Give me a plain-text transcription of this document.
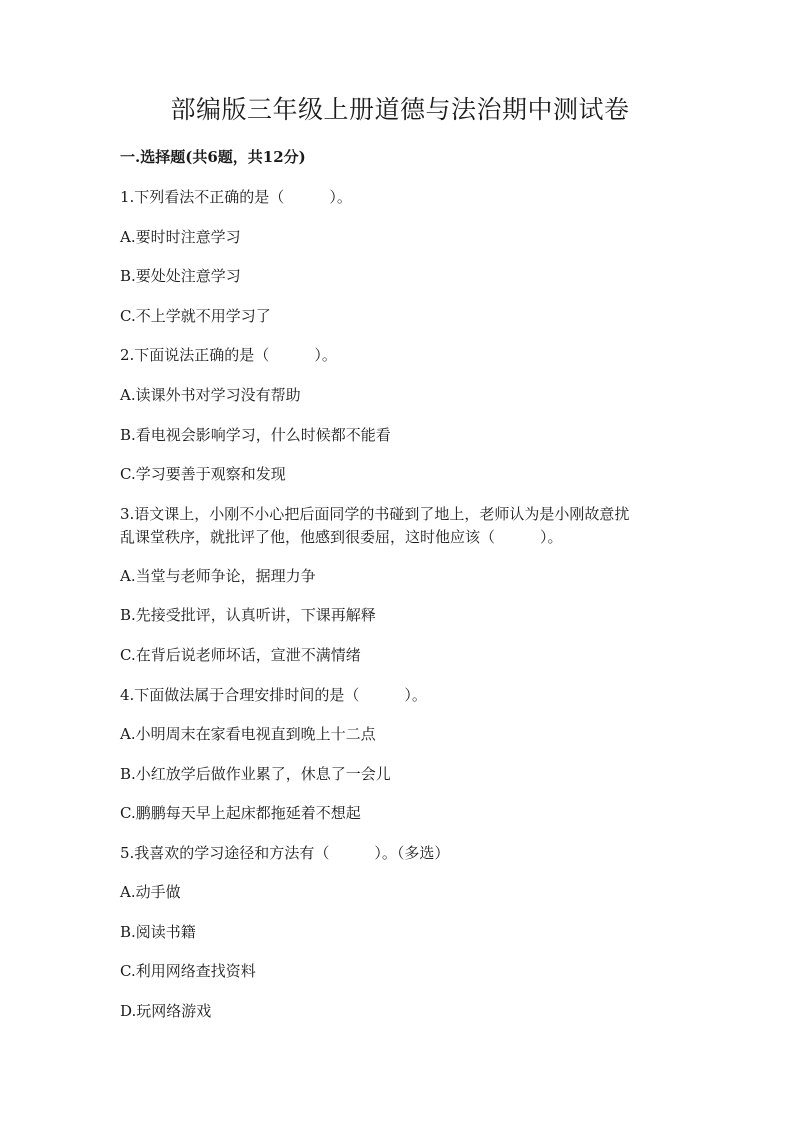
部编版三年级上册道德与法治期中测试卷
一.选择题(共6题，共12分)
1.下列看法不正确的是（　　　）。
A.要时时注意学习
B.要处处注意学习
C.不上学就不用学习了
2.下面说法正确的是（　　　）。
A.读课外书对学习没有帮助
B.看电视会影响学习，什么时候都不能看
C.学习要善于观察和发现
3.语文课上，小刚不小心把后面同学的书碰到了地上，老师认为是小刚故意扰
乱课堂秩序，就批评了他，他感到很委屈，这时他应该（　　　）。
A.当堂与老师争论，据理力争
B.先接受批评，认真听讲，下课再解释
C.在背后说老师坏话，宣泄不满情绪
4.下面做法属于合理安排时间的是（　　　）。
A.小明周末在家看电视直到晚上十二点
B.小红放学后做作业累了，休息了一会儿
C.鹏鹏每天早上起床都拖延着不想起
5.我喜欢的学习途径和方法有（　　　）。（多选）
A.动手做
B.阅读书籍
C.利用网络查找资料
D.玩网络游戏
